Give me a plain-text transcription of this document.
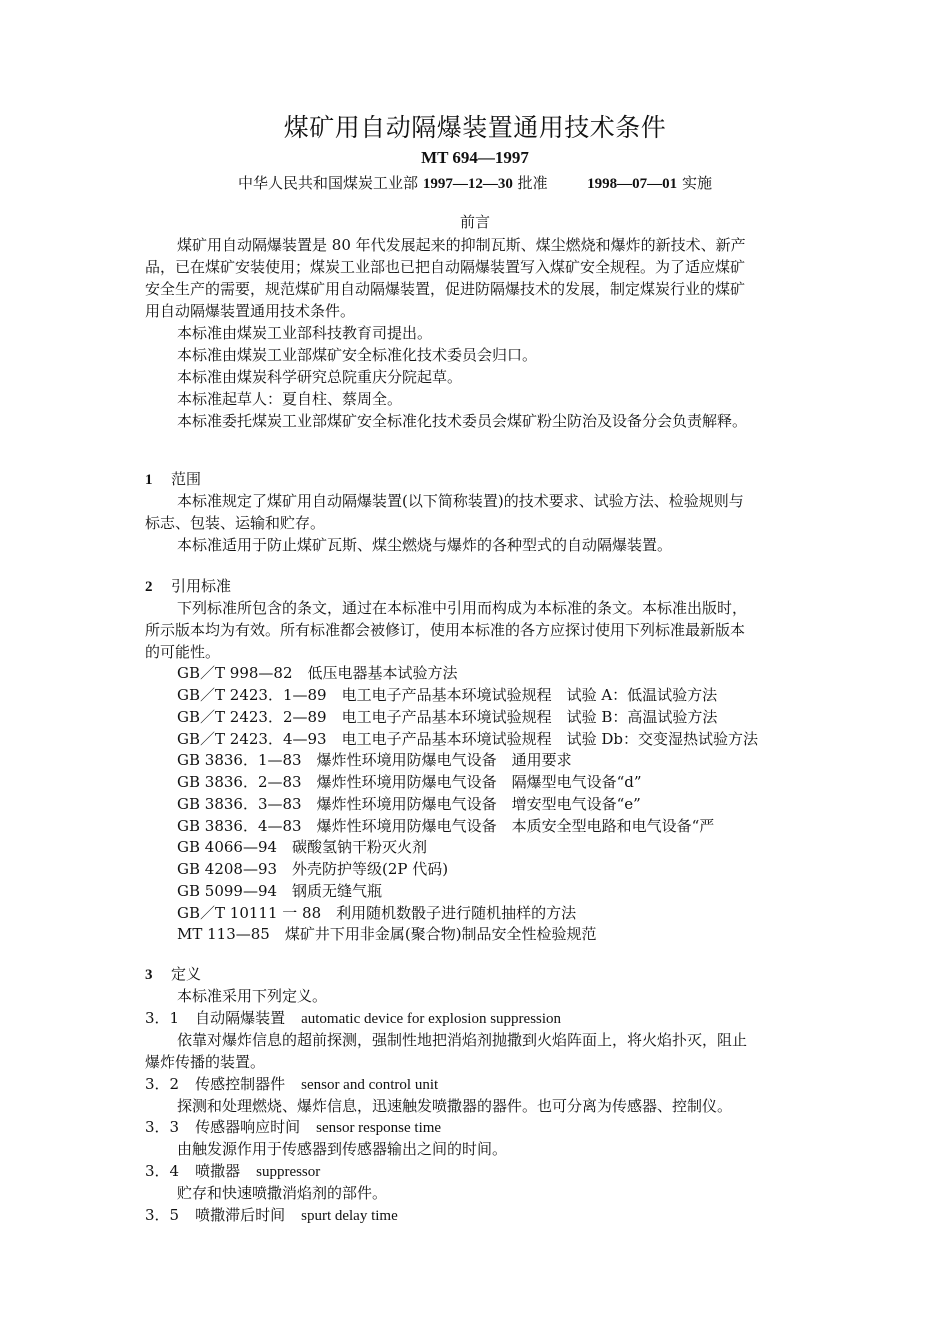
煤矿用自动隔爆装置通用技术条件
MT 694—1997
中华人民共和国煤炭工业部 1997—12—30 批准	1998—07—01 实施
前言
煤矿用自动隔爆装置是 80 年代发展起来的抑制瓦斯、煤尘燃烧和爆炸的新技术、新产
品，已在煤矿安装使用；煤炭工业部也已把自动隔爆装置写入煤矿安全规程。为了适应煤矿
安全生产的需要，规范煤矿用自动隔爆装置，促进防隔爆技术的发展，制定煤炭行业的煤矿
用自动隔爆装置通用技术条件。
本标准由煤炭工业部科技教育司提出。
本标准由煤炭工业部煤矿安全标准化技术委员会归口。
本标准由煤炭科学研究总院重庆分院起草。
本标准起草人：夏自柱、蔡周全。
本标准委托煤炭工业部煤矿安全标准化技术委员会煤矿粉尘防治及设备分会负责解释。
1 范围
本标准规定了煤矿用自动隔爆装置(以下简称装置)的技术要求、试验方法、检验规则与
标志、包装、运输和贮存。
本标准适用于防止煤矿瓦斯、煤尘燃烧与爆炸的各种型式的自动隔爆装置。
2 引用标准
下列标准所包含的条文，通过在本标准中引用而构成为本标准的条文。本标准出版时，
所示版本均为有效。所有标准都会被修订，使用本标准的各方应探讨使用下列标准最新版本
的可能性。
GB／T 998—82　低压电器基本试验方法
GB／T 2423．1—89　电工电子产品基本环境试验规程　试验 A：低温试验方法
GB／T 2423．2—89　电工电子产品基本环境试验规程　试验 B：高温试验方法
GB／T 2423．4—93　电工电子产品基本环境试验规程　试验 Db：交变湿热试验方法
GB 3836．1—83　爆炸性环境用防爆电气设备　通用要求
GB 3836．2—83　爆炸性环境用防爆电气设备　隔爆型电气设备“d”
GB 3836．3—83　爆炸性环境用防爆电气设备　增安型电气设备“e”
GB 3836．4—83　爆炸性环境用防爆电气设备　本质安全型电路和电气设备“严
GB 4066—94　碳酸氢钠干粉灭火剂
GB 4208—93　外壳防护等级(2P 代码)
GB 5099—94　钢质无缝气瓶
GB／T 10111 一 88　利用随机数骰子进行随机抽样的方法
MT 113—85　煤矿井下用非金属(聚合物)制品安全性检验规范
3 定义
本标准采用下列定义。
3．1 自动隔爆装置 automatic device for explosion suppression
依靠对爆炸信息的超前探测，强制性地把消焰剂抛撒到火焰阵面上，将火焰扑灭，阻止
爆炸传播的装置。
3．2 传感控制器件 sensor and control unit
探测和处理燃烧、爆炸信息，迅速触发喷撒器的器件。也可分离为传感器、控制仪。
3．3 传感器响应时间 sensor response time
由触发源作用于传感器到传感器输出之间的时间。
3．4 喷撒器 suppressor
贮存和快速喷撒消焰剂的部件。
3．5 喷撒滞后时间 spurt delay time
